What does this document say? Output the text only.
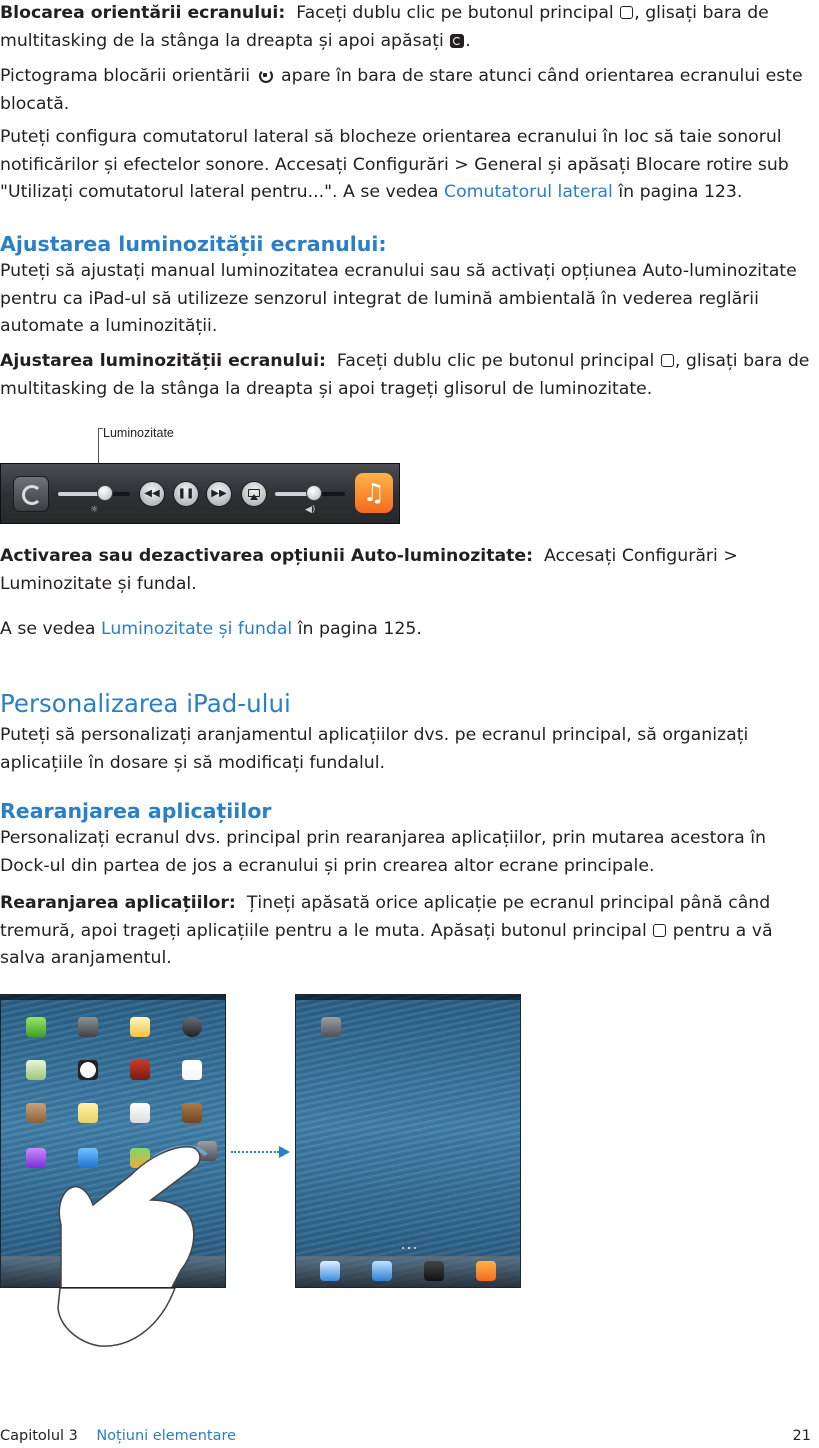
Blocarea orientării ecranului: Faceți dublu clic pe butonul principal , glisați bara de multitasking de la stânga la dreapta și apoi apăsați .

Pictograma blocării orientării apare în bara de stare atunci când orientarea ecranului este blocată.

Puteți configura comutatorul lateral să blocheze orientarea ecranului în loc să taie sonorul notificărilor și efectelor sonore. Accesați Configurări > General și apăsați Blocare rotire sub "Utilizați comutatorul lateral pentru...". A se vedea Comutatorul lateral în pagina 123.

Ajustarea luminozității ecranului:

Puteți să ajustați manual luminozitatea ecranului sau să activați opțiunea Auto-luminozitate pentru ca iPad-ul să utilizeze senzorul integrat de lumină ambientală în vederea reglării automate a luminozității.

Ajustarea luminozității ecranului: Faceți dublu clic pe butonul principal , glisați bara de multitasking de la stânga la dreapta și apoi trageți glisorul de luminozitate.

Luminozitate
☼
◀◀	❚❚	▶▶
◀)
♫

Activarea sau dezactivarea opțiunii Auto-luminozitate: Accesați Configurări > Luminozitate și fundal.

A se vedea Luminozitate și fundal în pagina 125.

Personalizarea iPad-ului

Puteți să personalizați aranjamentul aplicațiilor dvs. pe ecranul principal, să organizați aplicațiile în dosare și să modificați fundalul.

Rearanjarea aplicațiilor

Personalizați ecranul dvs. principal prin rearanjarea aplicațiilor, prin mutarea acestora în Dock-ul din partea de jos a ecranului și prin crearea altor ecrane principale.

Rearanjarea aplicațiilor: Țineți apăsată orice aplicație pe ecranul principal până când tremură, apoi trageți aplicațiile pentru a le muta. Apăsați butonul principal pentru a vă salva aranjamentul.

Capitolul 3 Noțiuni elementare	21
